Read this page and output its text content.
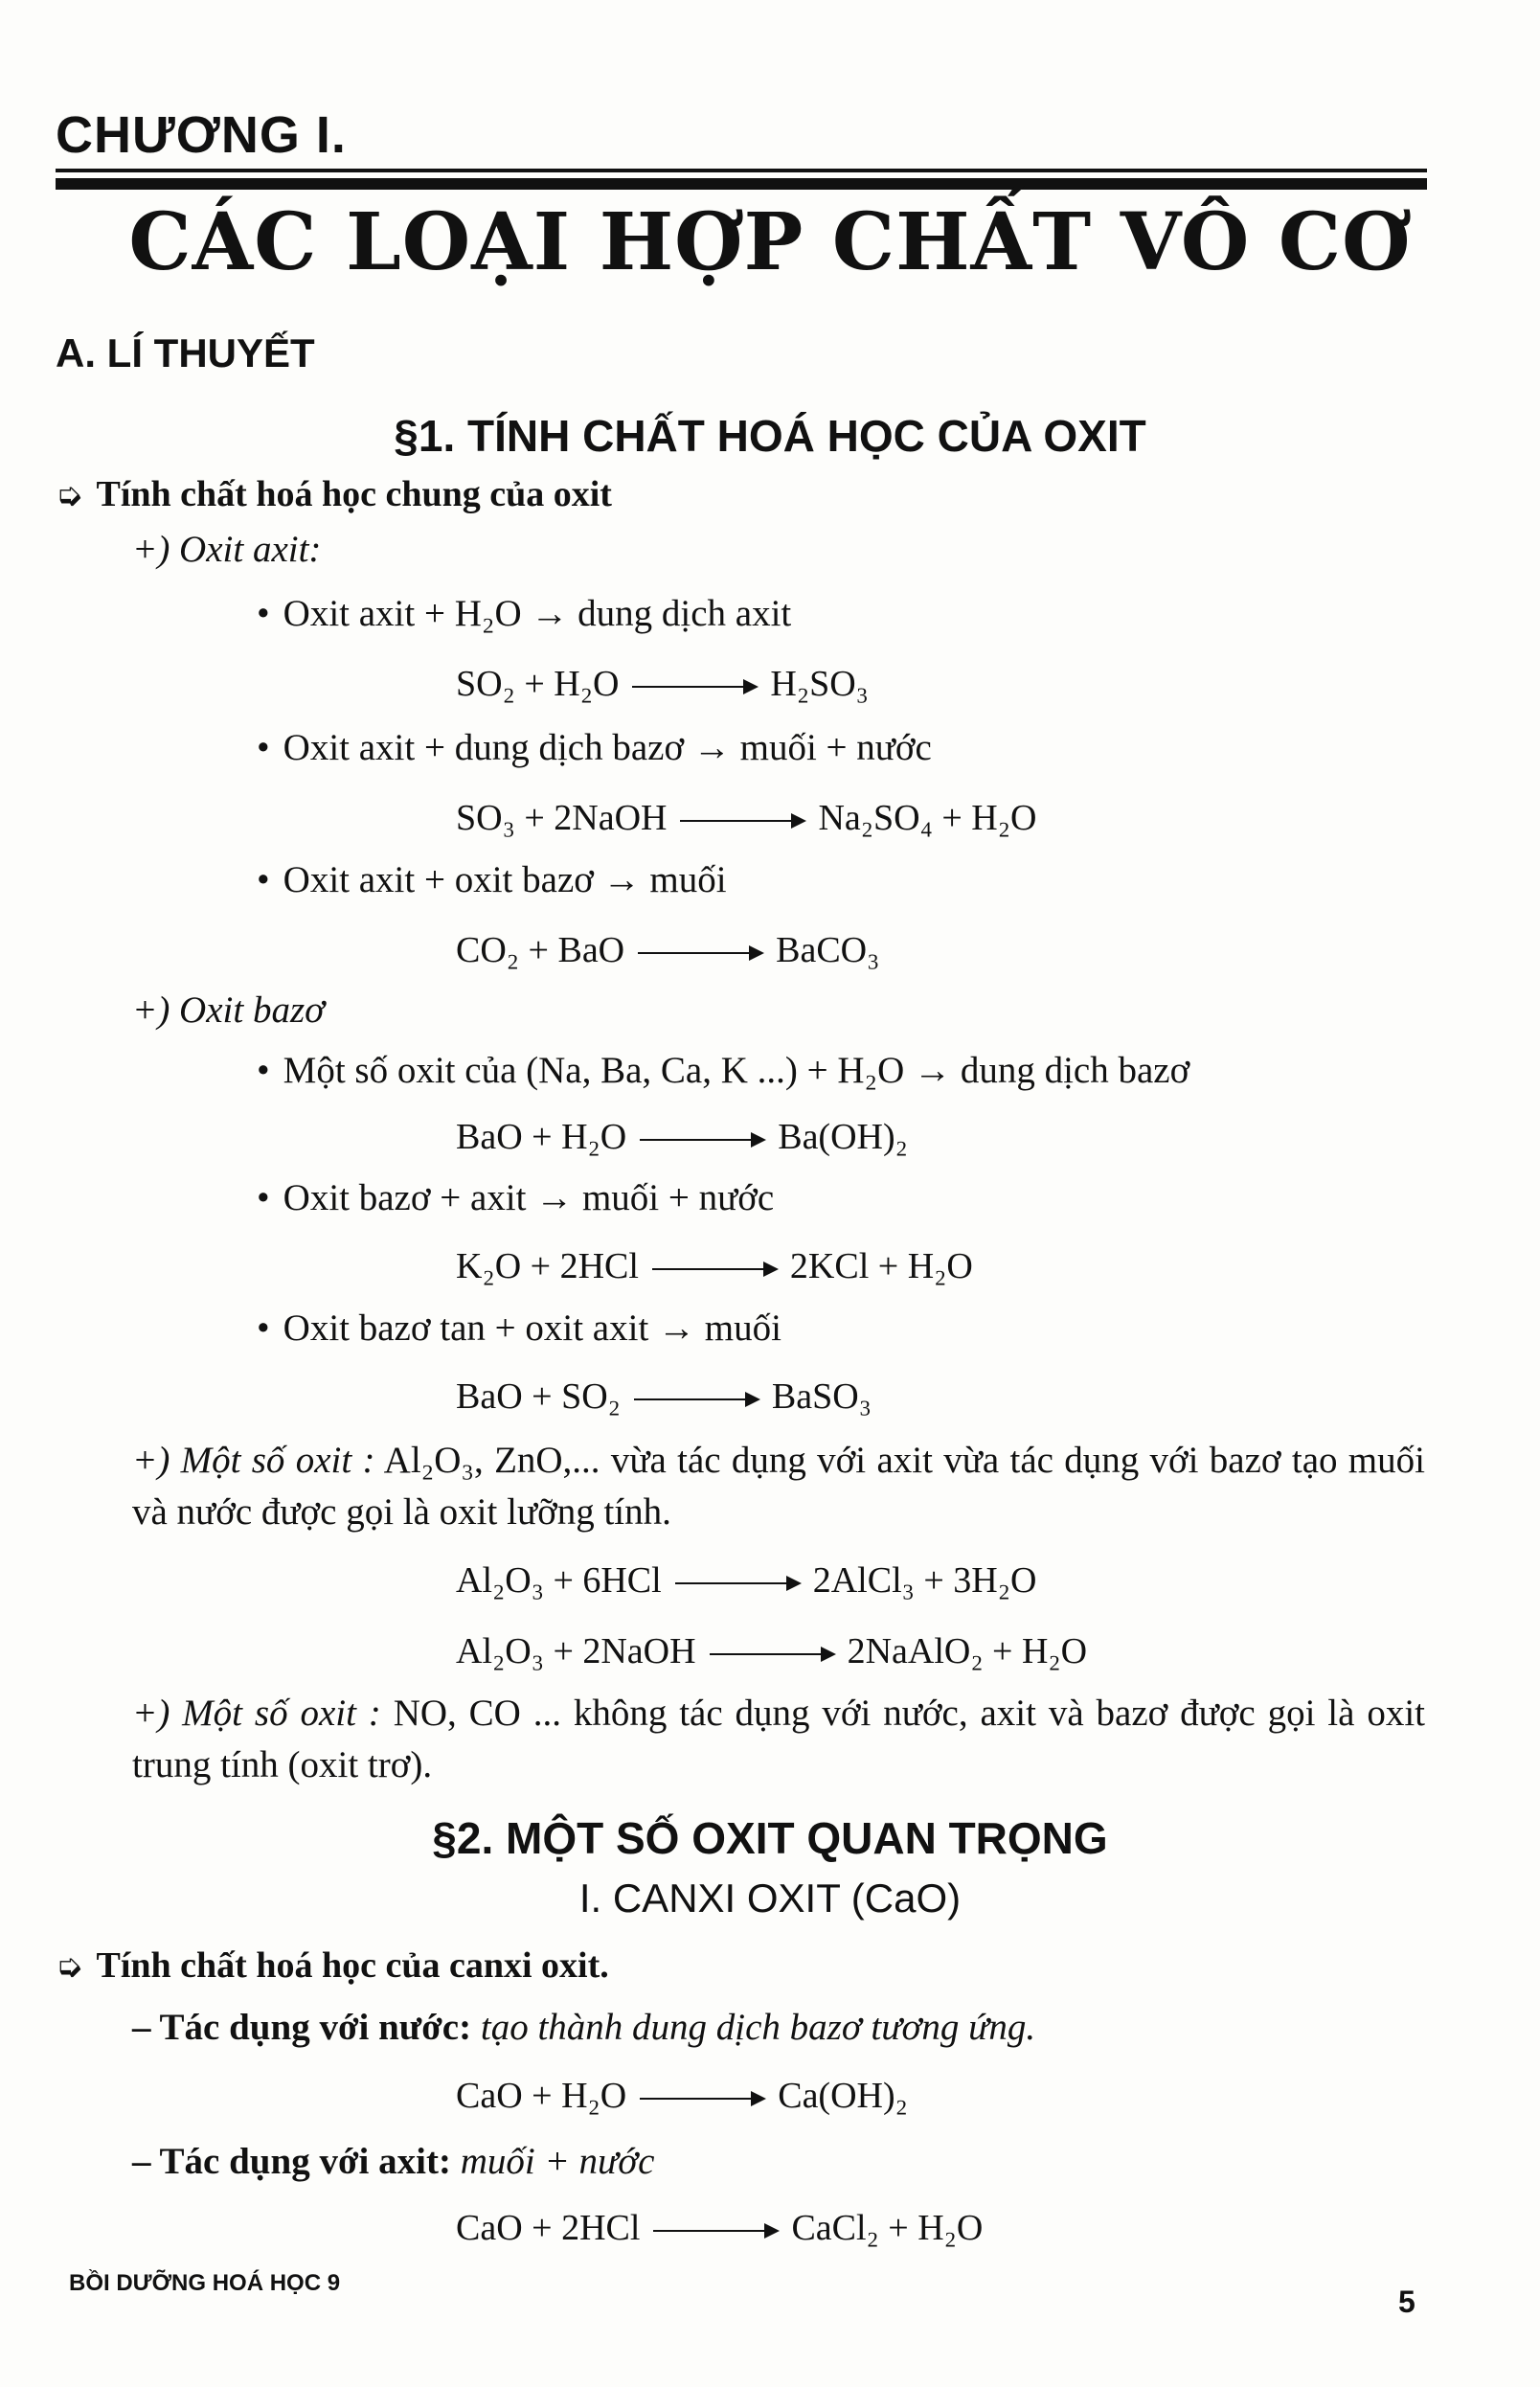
CHƯƠNG I.
CÁC LOẠI HỢP CHẤT VÔ CƠ
A. LÍ THUYẾT
§1. TÍNH CHẤT HOÁ HỌC CỦA OXIT
➭ Tính chất hoá học chung của oxit
+) Oxit axit:
• Oxit axit + H₂O → dung dịch axit
SO₂ + H₂O → H₂SO₃
• Oxit axit + dung dịch bazơ → muối + nước
SO₃ + 2NaOH → Na₂SO₄ + H₂O
• Oxit axit + oxit bazơ → muối
CO₂ + BaO → BaCO₃
+) Oxit bazơ
• Một số oxit của (Na, Ba, Ca, K ...) + H₂O → dung dịch bazơ
BaO + H₂O → Ba(OH)₂
• Oxit bazơ + axit → muối + nước
K₂O + 2HCl → 2KCl + H₂O
• Oxit bazơ tan + oxit axit → muối
BaO + SO₂ → BaSO₃
+) Một số oxit : Al₂O₃, ZnO,... vừa tác dụng với axit vừa tác dụng với bazơ tạo muối và nước được gọi là oxit lưỡng tính.
Al₂O₃ + 6HCl → 2AlCl₃ + 3H₂O
Al₂O₃ + 2NaOH → 2NaAlO₂ + H₂O
+) Một số oxit : NO, CO ... không tác dụng với nước, axit và bazơ được gọi là oxit trung tính (oxit trơ).
§2. MỘT SỐ OXIT QUAN TRỌNG
I. CANXI OXIT (CaO)
➭ Tính chất hoá học của canxi oxit.
– Tác dụng với nước: tạo thành dung dịch bazơ tương ứng.
CaO + H₂O → Ca(OH)₂
– Tác dụng với axit: muối + nước
CaO + 2HCl → CaCl₂ + H₂O
BỒI DƯỠNG HOÁ HỌC 9
5
